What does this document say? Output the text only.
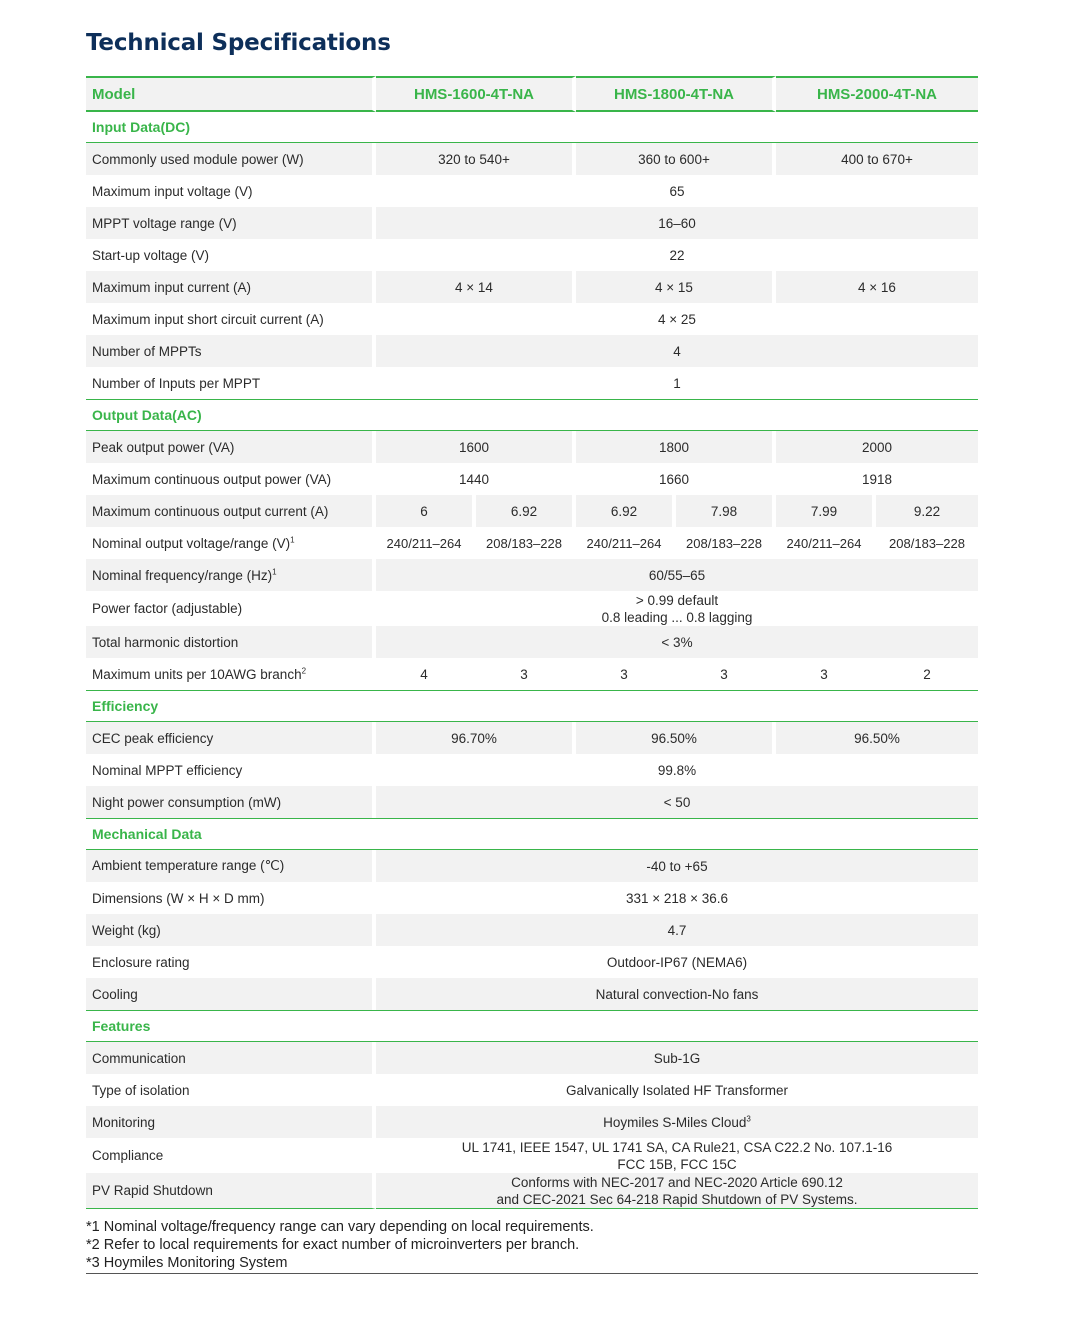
Technical Specifications
Model	HMS-1600-4T-NA		HMS-1800-4T-NA		HMS-2000-4T-NA	
Input Data(DC)						
Commonly used module power (W)	320 to 540+		360 to 600+		400 to 670+	
Maximum input voltage (V)	65					
MPPT voltage range (V)	16–60					
Start-up voltage (V)	22					
Maximum input current (A)	4 × 14		4 × 15		4 × 16	
Maximum input short circuit current (A)	4 × 25					
Number of MPPTs	4					
Number of Inputs per MPPT	1					
Output Data(AC)						
Peak output power (VA)	1600		1800		2000	
Maximum continuous output power (VA)	1440		1660		1918	
Maximum continuous output current (A)	6	6.92	6.92	7.98	7.99	9.22
Nominal output voltage/range $(V)^1$	240/211–264	208/183–228	240/211–264	208/183–228	240/211–264	208/183–228
Nominal frequency/range $(Hz)^1$	60/55–65					
Power factor (adjustable)	> 0.99 default
0.8 leading ... 0.8 lagging					

Total harmonic distortion	< 3%					
Maximum units per 10AWG branch$^2$	4	3	3	3	3	2
Efficiency						
CEC peak efficiency	96.70%		96.50%		96.50%	
Nominal MPPT efficiency	99.8%					
Night power consumption (mW)	< 50					
Mechanical Data						
Ambient temperature range (℃)	-40 to +65					
Dimensions (W × H × D mm)	331 × 218 × 36.6					
Weight (kg)	4.7					
Enclosure rating	Outdoor-IP67 (NEMA6)					
Cooling	Natural convection-No fans					
Features						
Communication	Sub-1G					
Type of isolation	Galvanically Isolated HF Transformer					
Monitoring	Hoymiles S-Miles Cloud$^3$
Compliance	UL 1741, IEEE 1547, UL 1741 SA, CA Rule21, CSA C22.2 No. 107.1-16
FCC 15B, FCC 15C					

PV Rapid Shutdown	Conforms with NEC-2017 and NEC-2020 Article 690.12
and CEC-2021 Sec 64-218 Rapid Shutdown of PV Systems.					
*1 Nominal voltage/frequency range can vary depending on local requirements.
*2 Refer to local requirements for exact number of microinverters per branch.
*3 Hoymiles Monitoring System
